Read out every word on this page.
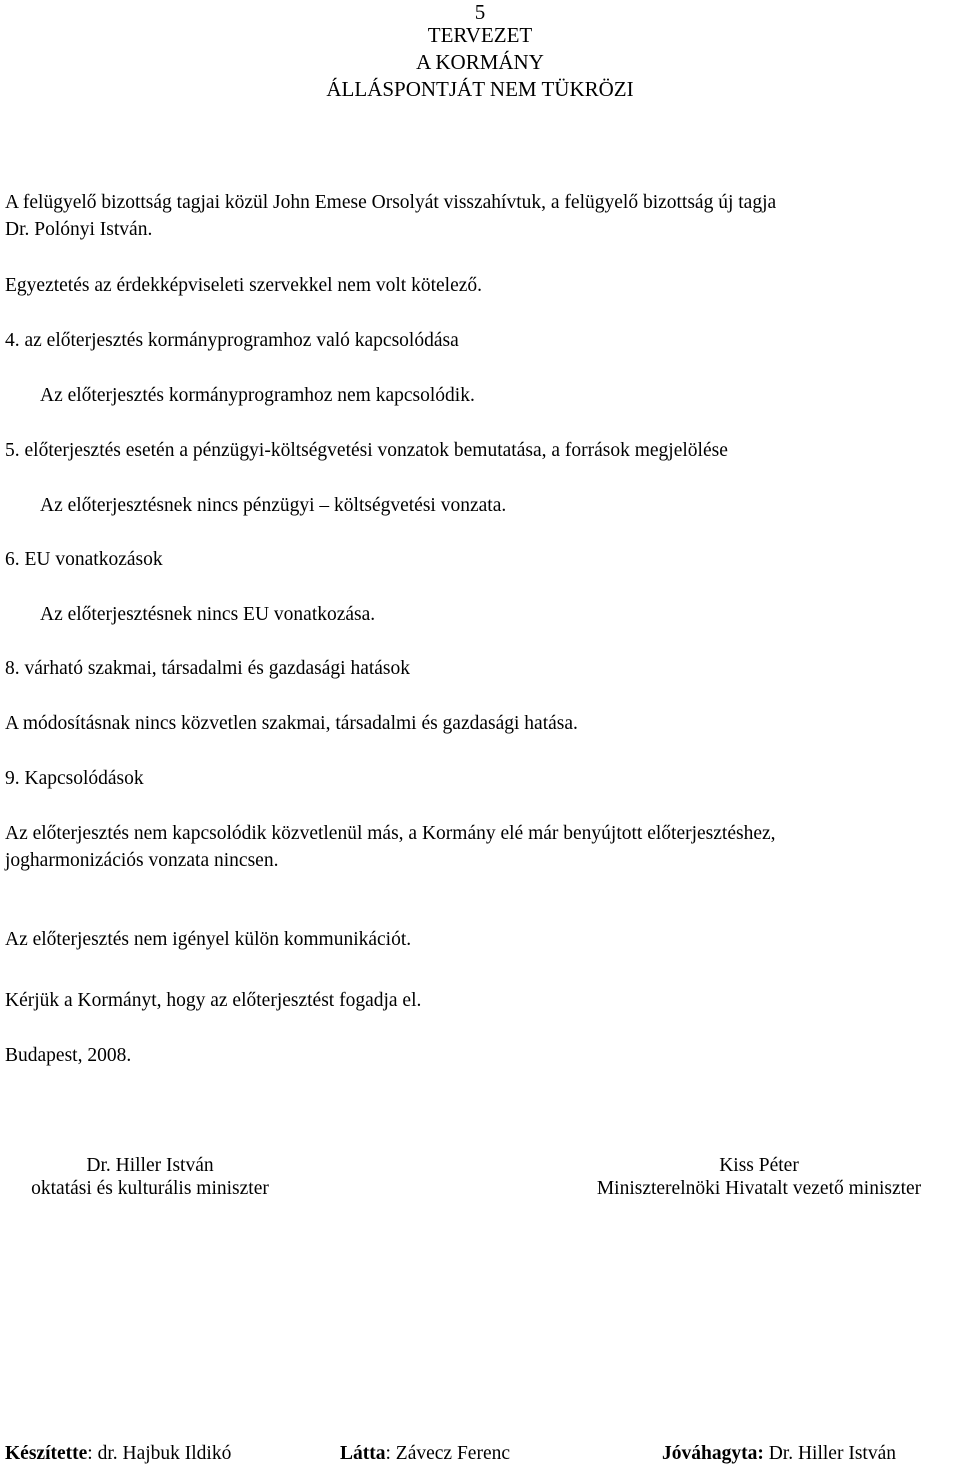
5
TERVEZET
A KORMÁNY
ÁLLÁSPONTJÁT NEM TÜKRÖZI
A felügyelő bizottság tagjai közül John Emese Orsolyát visszahívtuk, a felügyelő bizottság új tagja
Dr. Polónyi István.
Egyeztetés az érdekképviseleti szervekkel nem volt kötelező.
4. az előterjesztés kormányprogramhoz való kapcsolódása
Az előterjesztés kormányprogramhoz nem kapcsolódik.
5. előterjesztés esetén a pénzügyi-költségvetési vonzatok bemutatása, a források megjelölése
Az előterjesztésnek nincs pénzügyi – költségvetési vonzata.
6. EU vonatkozások
Az előterjesztésnek nincs EU vonatkozása.
8. várható szakmai, társadalmi és gazdasági hatások
A módosításnak nincs közvetlen szakmai, társadalmi és gazdasági hatása.
9. Kapcsolódások
Az előterjesztés nem kapcsolódik közvetlenül más, a Kormány elé már benyújtott előterjesztéshez,
jogharmonizációs vonzata nincsen.
Az előterjesztés nem igényel külön kommunikációt.
Kérjük a Kormányt, hogy az előterjesztést fogadja el.
Budapest, 2008.
Dr. Hiller István
oktatási és kulturális miniszter
Kiss Péter
Miniszterelnöki Hivatalt vezető miniszter
Készítette: dr. Hajbuk Ildikó	Látta: Závecz Ferenc	Jóváhagyta: Dr. Hiller István
